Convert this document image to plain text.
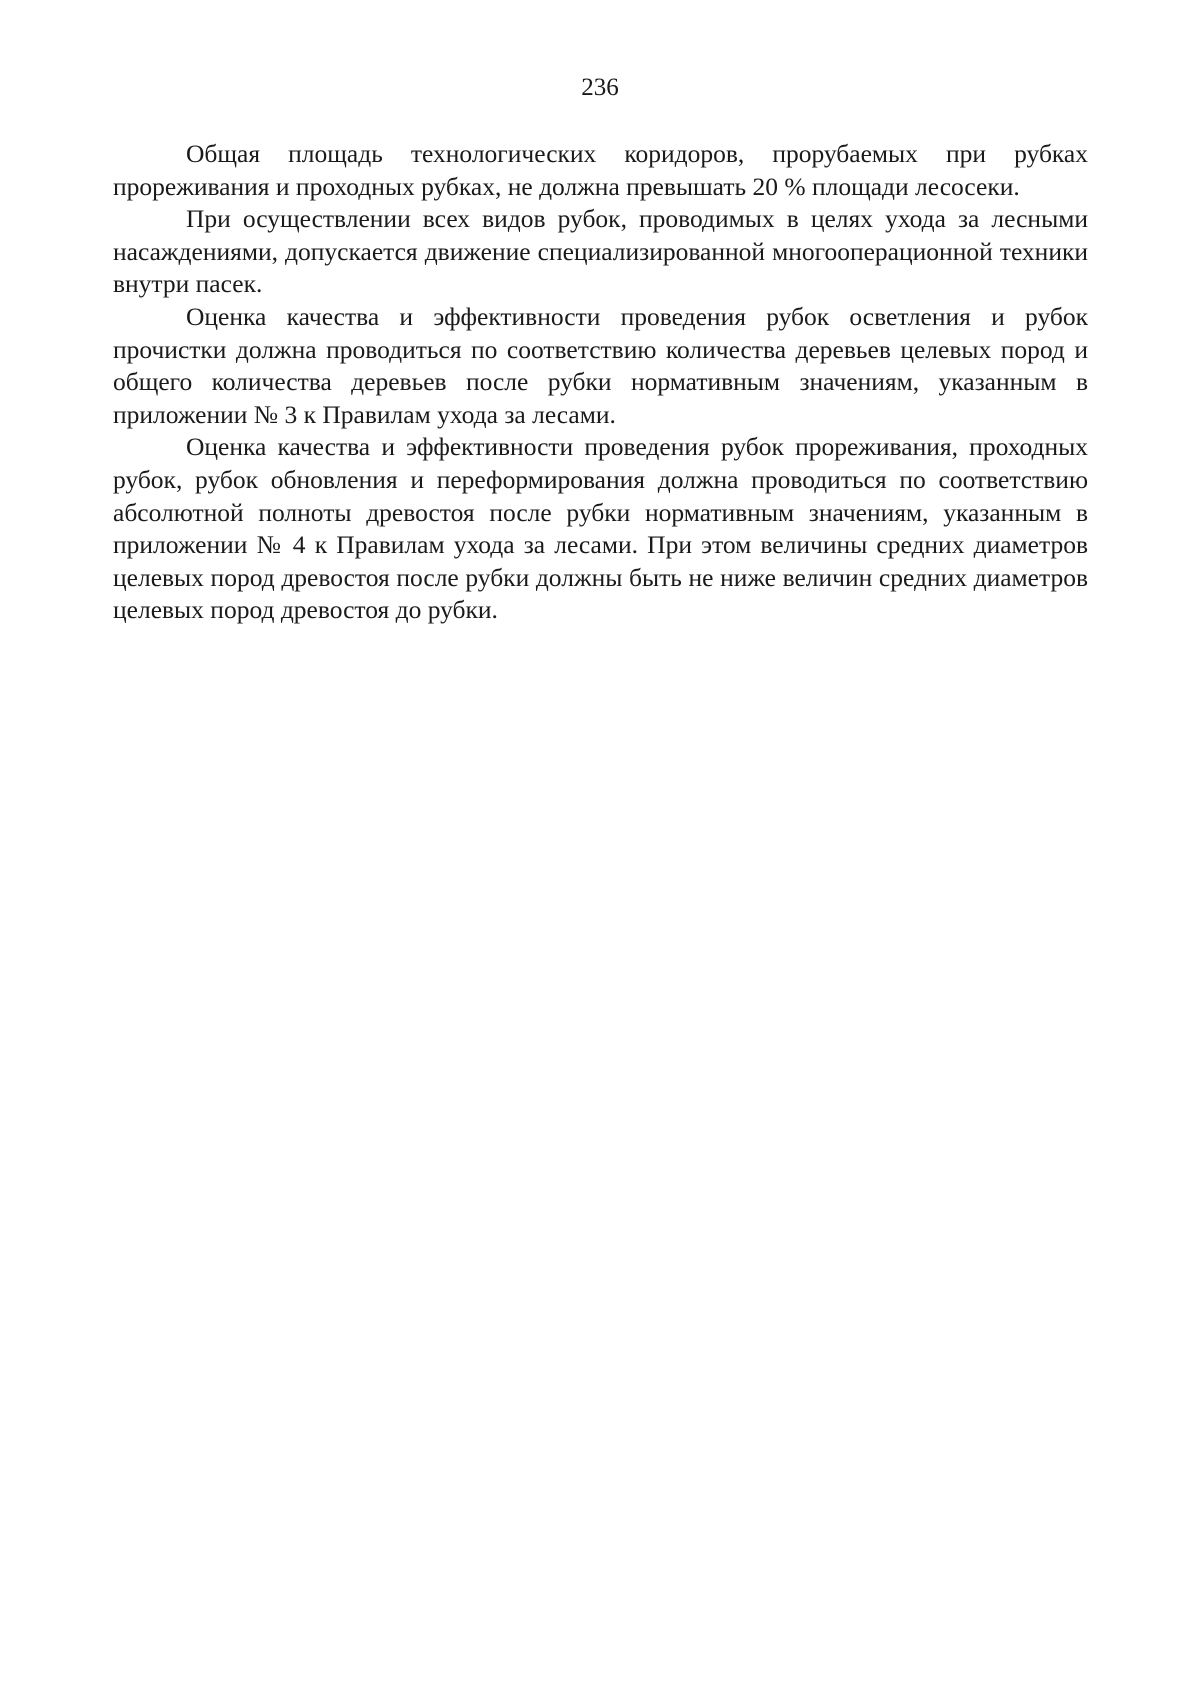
236

Общая площадь технологических коридоров, прорубаемых при рубках прореживания и проходных рубках, не должна превышать 20 % площади лесосеки.

При осуществлении всех видов рубок, проводимых в целях ухода за лесными насаждениями, допускается движение специализированной многооперационной техники внутри пасек.

Оценка качества и эффективности проведения рубок осветления и рубок прочистки должна проводиться по соответствию количества деревьев целевых пород и общего количества деревьев после рубки нормативным значениям, указанным в приложении № 3 к Правилам ухода за лесами.

Оценка качества и эффективности проведения рубок прореживания, проходных рубок, рубок обновления и переформирования должна проводиться по соответствию абсолютной полноты древостоя после рубки нормативным значениям, указанным в приложении № 4 к Правилам ухода за лесами. При этом величины средних диаметров целевых пород древостоя после рубки должны быть не ниже величин средних диаметров целевых пород древостоя до рубки.
